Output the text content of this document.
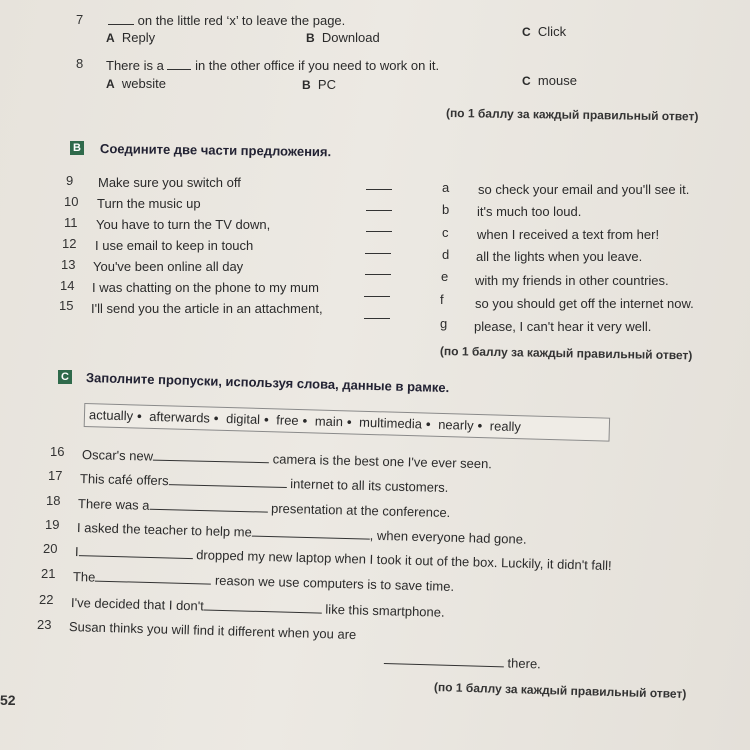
7	on the little red ‘x’ to leave the page.
A Reply	B Download	C Click
8 There is a in the other office if you need to work on it.
A website	B PC	C mouse
(по 1 баллу за каждый правильный ответ)
B Соедините две части предложения.
9 Make sure you switch off
10 Turn the music up
11 You have to turn the TV down,
12 I use email to keep in touch
13 You've been online all day
14 I was chatting on the phone to my mum
15 I'll send you the article in an attachment,
a so check your email and you'll see it.
b it's much too loud.
c when I received a text from her!
d all the lights when you leave.
e with my friends in other countries.
f so you should get off the internet now.
g please, I can't hear it very well.
(по 1 баллу за каждый правильный ответ)
C Заполните пропуски, используя слова, данные в рамке.
actually • afterwards • digital • free • main • multimedia • nearly • really
16 Oscar's new	camera is the best one I've ever seen.
17 This café offers	internet to all its customers.
18 There was a	presentation at the conference.
19 I asked the teacher to help me	, when everyone had gone.
20 I	dropped my new laptop when I took it out of the box. Luckily, it didn't fall!
21 The	reason we use computers is to save time.
22 I've decided that I don't	like this smartphone.
23 Susan thinks you will find it different when you are
there.
(по 1 баллу за каждый правильный ответ)
52
